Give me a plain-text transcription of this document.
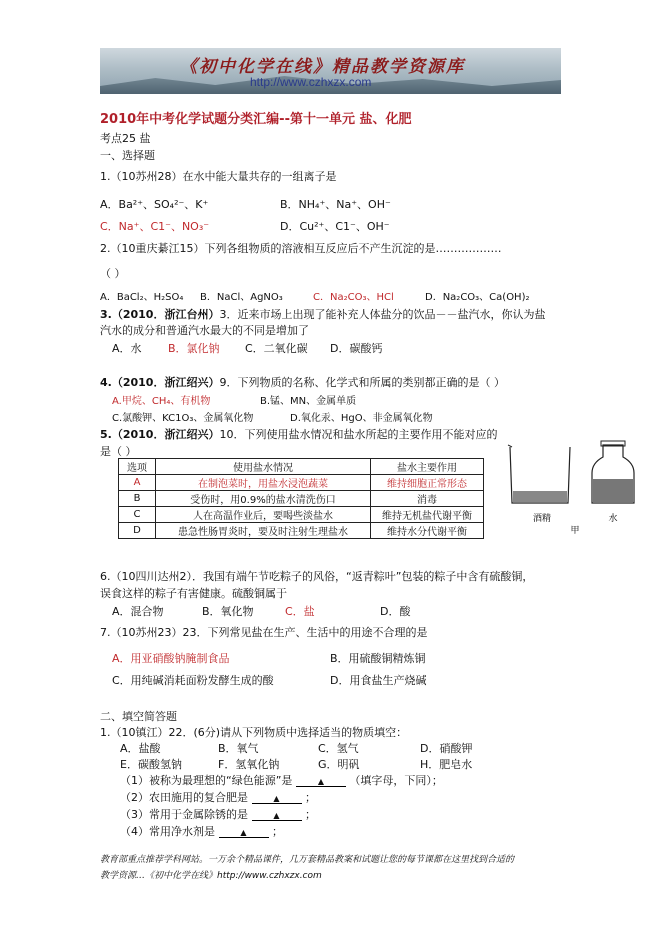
《初中化学在线》精品教学资源库
http://www.czhxzx.com
2010年中考化学试题分类汇编--第十一单元 盐、化肥
考点25 盐
一、选择题
1.（10苏州28）在水中能大量共存的一组离子是
A．Ba²⁺、SO₄²⁻、K⁺	B．NH₄⁺、Na⁺、OH⁻
C．Na⁺、C1⁻、NO₃⁻	D．Cu²⁺、C1⁻、OH⁻
2.（10重庆綦江15）下列各组物质的溶液相互反应后不产生沉淀的是………………
（ ）
A．BaCl₂、H₂SO₄ B．NaCl、AgNO₃	C．Na₂CO₃、HCl	D．Na₂CO₃、Ca(OH)₂
3.（2010．浙江台州）3．近来市场上出现了能补充人体盐分的饮品－－盐汽水，你认为盐
汽水的成分和普通汽水最大的不同是增加了
A．水 B．氯化钠 C．二氧化碳 D．碳酸钙
4.（2010．浙江绍兴）9．下列物质的名称、化学式和所属的类别都正确的是（ ）
A.甲烷、CH₄、有机物	B.锰、MN、金属单质
C.氯酸钾、KC1O₃、金属氧化物	D.氧化汞、HgO、非金属氧化物
5.（2010．浙江绍兴）10．下列使用盐水情况和盐水所起的主要作用不能对应的
是（ ）
选项	使用盐水情况	盐水主要作用
A	在制泡菜时，用盐水浸泡蔬菜	维持细胞正常形态
B	受伤时，用0.9%的盐水清洗伤口	消毒
C	人在高温作业后，要喝些淡盐水	维持无机盐代谢平衡
D	患急性肠胃炎时，要及时注射生理盐水	维持水分代谢平衡
酒精	水
甲
6.（10四川达州2）．我国有端午节吃粽子的风俗，“返青粽叶”包装的粽子中含有硫酸铜，
误食这样的粽子有害健康。硫酸铜属于
A．混合物	B．氧化物	C．盐	D．酸
7.（10苏州23）23．下列常见盐在生产、生活中的用途不合理的是
A．用亚硝酸钠腌制食品	B．用硫酸铜精炼铜
C．用纯碱消耗面粉发酵生成的酸	D．用食盐生产烧碱
二、填空简答题
1.（10镇江）22．(6分)请从下列物质中选择适当的物质填空：
A．盐酸	B．氧气	C．氢气	D．硝酸钾
E．碳酸氢钠	F．氢氧化钠	G．明矾	H．肥皂水
（1）被称为最理想的“绿色能源”是	▲ （填字母，下同）；
（2）农田施用的复合肥是	▲ ；
（3）常用于金属除锈的是	▲ ；
（4）常用净水剂是	▲ ；
教育部重点推荐学科网站。一万余个精品课件，几万套精品教案和试题让您的每节课都在这里找到合适的
教学资源…《初中化学在线》http://www.czhxzx.com
